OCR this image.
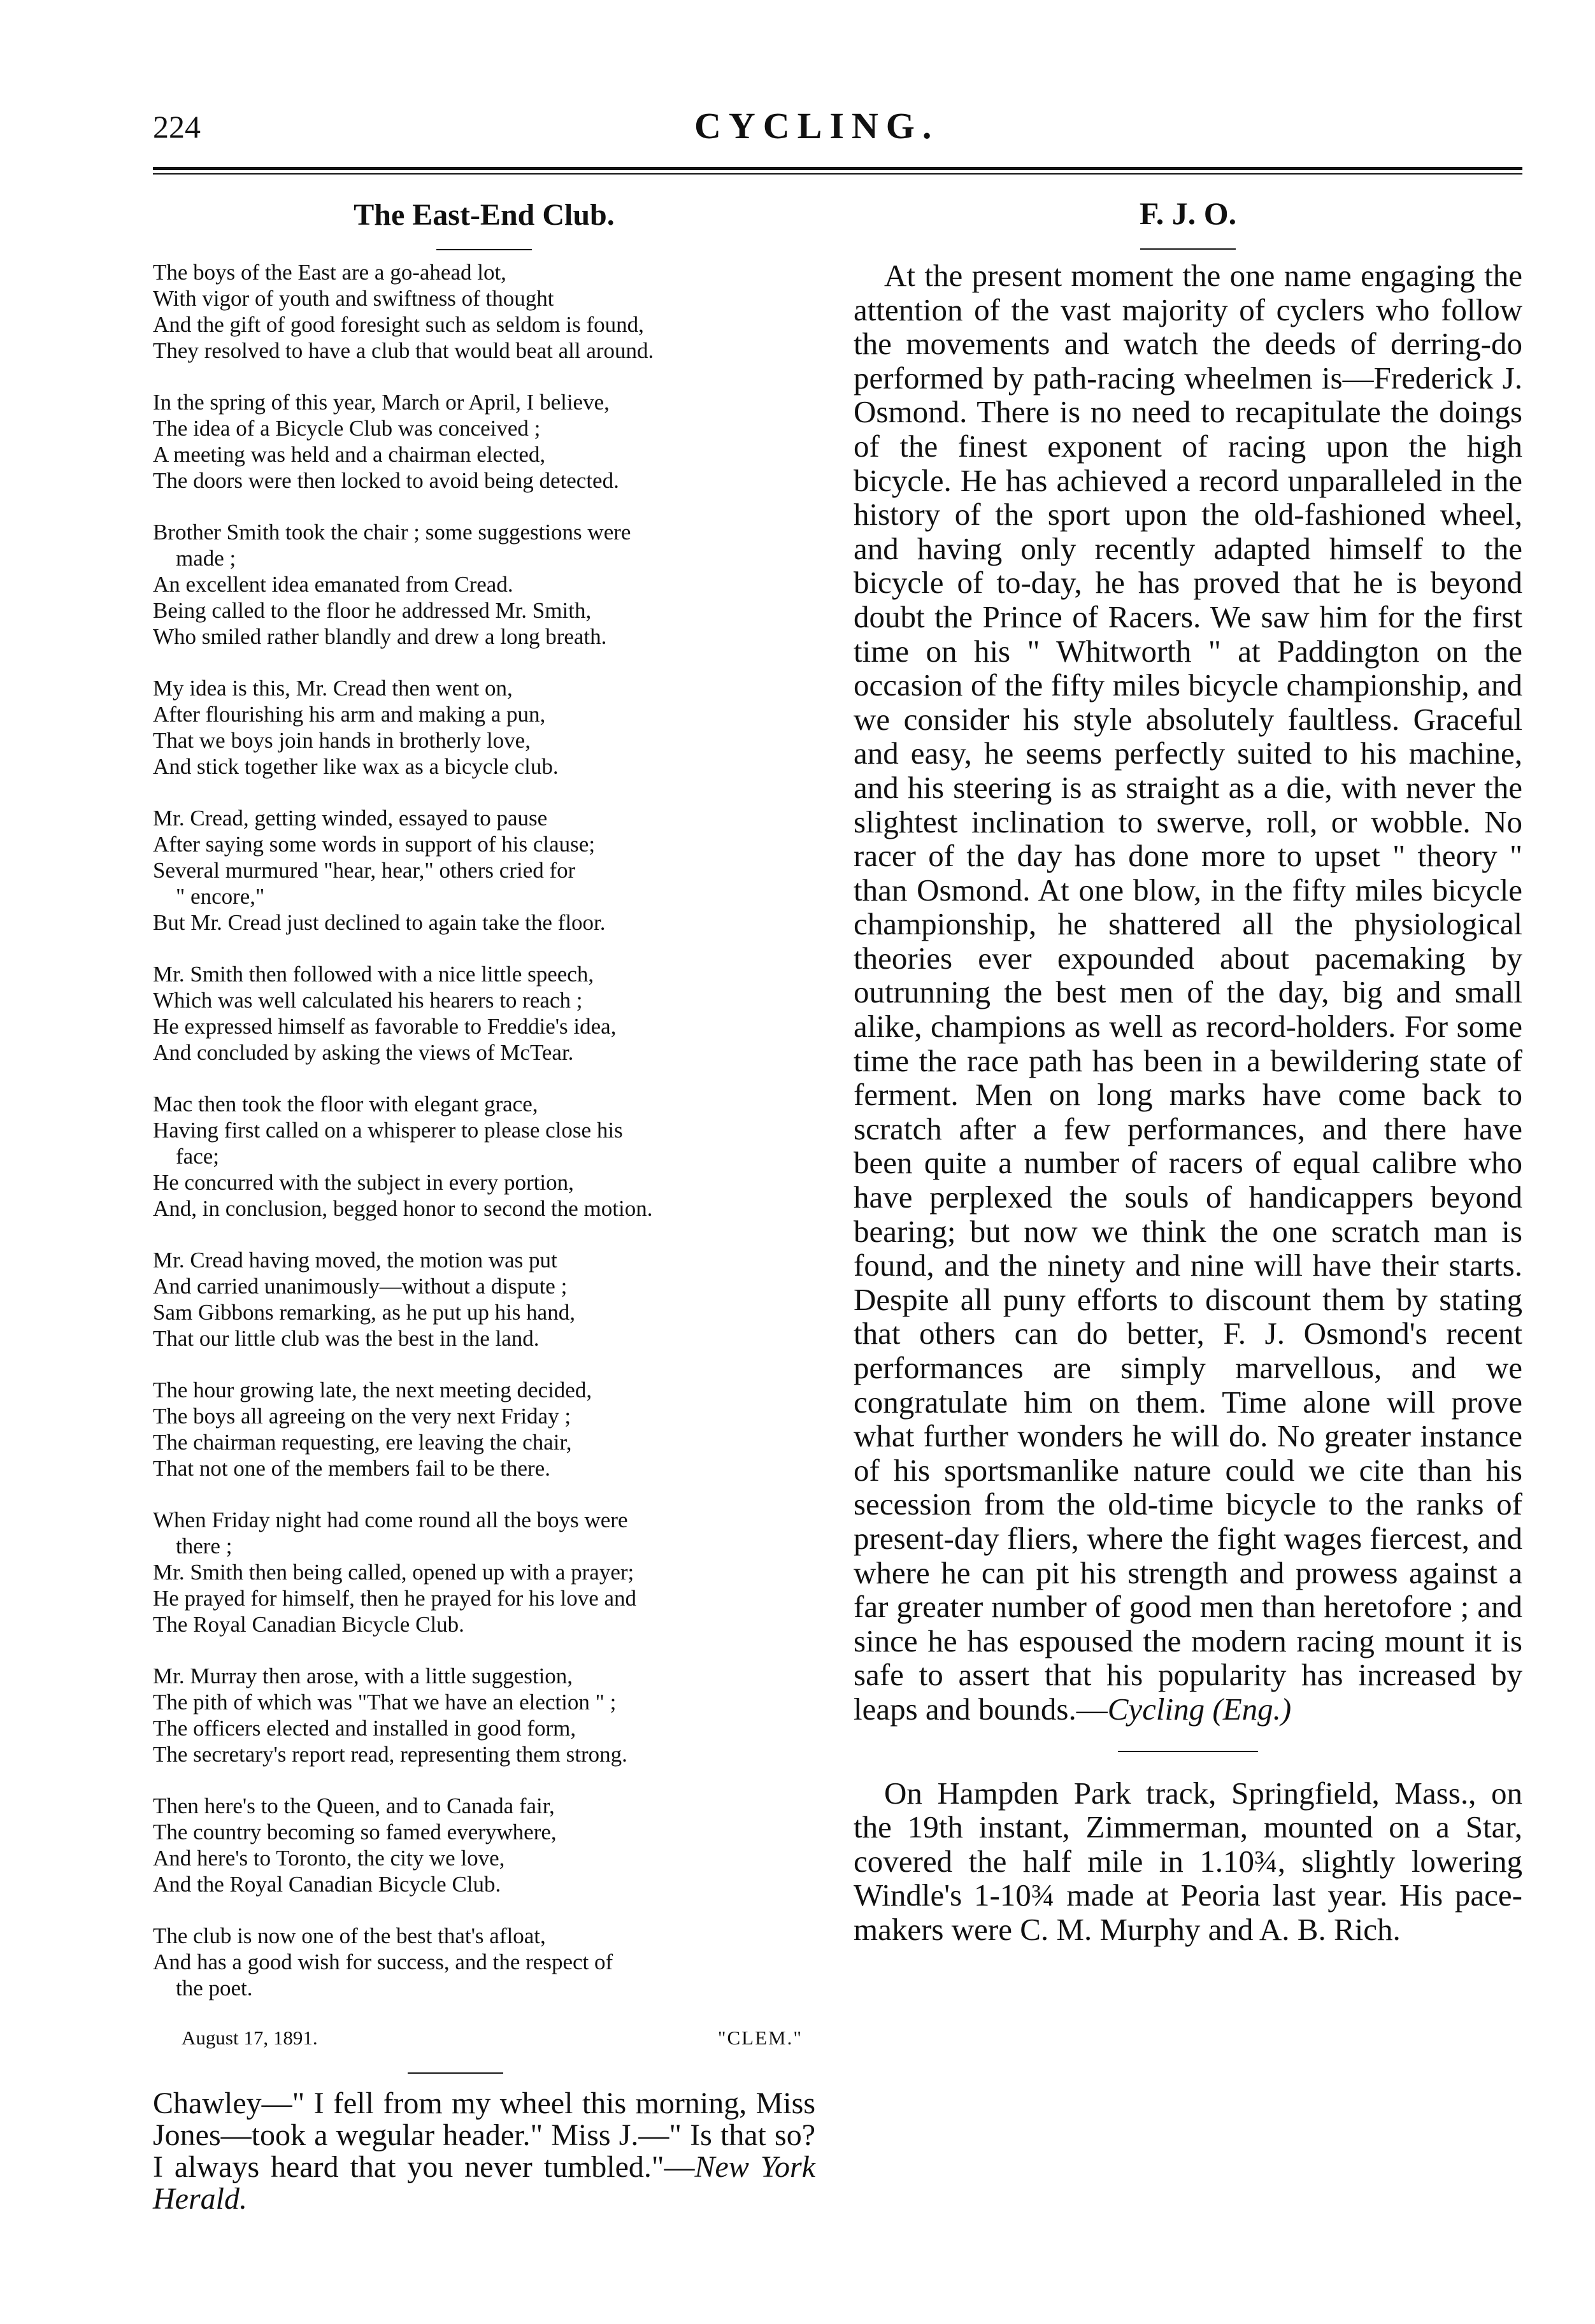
224	CYCLING.
The East-End Club.
The boys of the East are a go-ahead lot,
With vigor of youth and swiftness of thought
And the gift of good foresight such as seldom is found,
They resolved to have a club that would beat all around.
In the spring of this year, March or April, I believe,
The idea of a Bicycle Club was conceived ;
A meeting was held and a chairman elected,
The doors were then locked to avoid being detected.
Brother Smith took the chair ; some suggestions were
made ;
An excellent idea emanated from Cread.
Being called to the floor he addressed Mr. Smith,
Who smiled rather blandly and drew a long breath.
My idea is this, Mr. Cread then went on,
After flourishing his arm and making a pun,
That we boys join hands in brotherly love,
And stick together like wax as a bicycle club.
Mr. Cread, getting winded, essayed to pause
After saying some words in support of his clause;
Several murmured "hear, hear," others cried for
" encore,"
But Mr. Cread just declined to again take the floor.
Mr. Smith then followed with a nice little speech,
Which was well calculated his hearers to reach ;
He expressed himself as favorable to Freddie's idea,
And concluded by asking the views of McTear.
Mac then took the floor with elegant grace,
Having first called on a whisperer to please close his
face;
He concurred with the subject in every portion,
And, in conclusion, begged honor to second the motion.
Mr. Cread having moved, the motion was put
And carried unanimously—without a dispute ;
Sam Gibbons remarking, as he put up his hand,
That our little club was the best in the land.
The hour growing late, the next meeting decided,
The boys all agreeing on the very next Friday ;
The chairman requesting, ere leaving the chair,
That not one of the members fail to be there.
When Friday night had come round all the boys were
there ;
Mr. Smith then being called, opened up with a prayer;
He prayed for himself, then he prayed for his love and
The Royal Canadian Bicycle Club.
Mr. Murray then arose, with a little suggestion,
The pith of which was "That we have an election " ;
The officers elected and installed in good form,
The secretary's report read, representing them strong.
Then here's to the Queen, and to Canada fair,
The country becoming so famed everywhere,
And here's to Toronto, the city we love,
And the Royal Canadian Bicycle Club.
The club is now one of the best that's afloat,
And has a good wish for success, and the respect of
the poet.
August 17, 1891.	"CLEM."
Chawley—" I fell from my wheel this morning, Miss Jones—took a wegular header." Miss J.—" Is that so? I always heard that you never tumbled."—New York Herald.
F. J. O.

At the present moment the one name engaging the attention of the vast majority of cyclers who follow the movements and watch the deeds of derring-do performed by path-racing wheelmen is—Frederick J. Osmond. There is no need to recapitulate the doings of the finest exponent of racing upon the high bicycle. He has achieved a record unparalleled in the history of the sport upon the old-fashioned wheel, and having only recently adapted himself to the bicycle of to-day, he has proved that he is beyond doubt the Prince of Racers. We saw him for the first time on his " Whitworth " at Paddington on the occasion of the fifty miles bicycle championship, and we consider his style absolutely faultless. Graceful and easy, he seems perfectly suited to his machine, and his steering is as straight as a die, with never the slightest inclination to swerve, roll, or wobble. No racer of the day has done more to upset " theory " than Osmond. At one blow, in the fifty miles bicycle championship, he shattered all the physiological theories ever expounded about pacemaking by outrunning the best men of the day, big and small alike, champions as well as record-holders. For some time the race path has been in a bewildering state of ferment. Men on long marks have come back to scratch after a few performances, and there have been quite a number of racers of equal calibre who have perplexed the souls of handicappers beyond bearing; but now we think the one scratch man is found, and the ninety and nine will have their starts. Despite all puny efforts to discount them by stating that others can do better, F. J. Osmond's recent performances are simply marvellous, and we congratulate him on them. Time alone will prove what further wonders he will do. No greater instance of his sportsmanlike nature could we cite than his secession from the old-time bicycle to the ranks of present-day fliers, where the fight wages fiercest, and where he can pit his strength and prowess against a far greater number of good men than heretofore ; and since he has espoused the modern racing mount it is safe to assert that his popularity has increased by leaps and bounds.—Cycling (Eng.)

On Hampden Park track, Springfield, Mass., on the 19th instant, Zimmerman, mounted on a Star, covered the half mile in 1.10¾, slightly lowering Windle's 1-10¾ made at Peoria last year. His pace-makers were C. M. Murphy and A. B. Rich.
